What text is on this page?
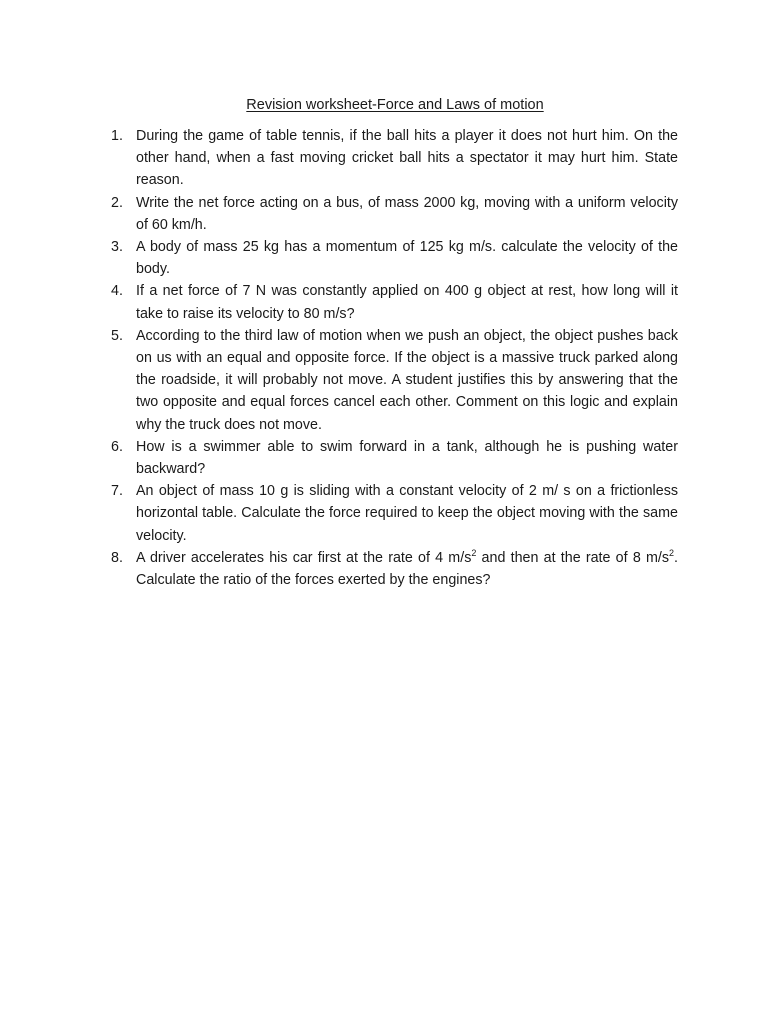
Revision worksheet-Force and Laws of motion
1. During the game of table tennis, if the ball hits a player it does not hurt him. On the other hand, when a fast moving cricket ball hits a spectator it may hurt him. State reason.
2. Write the net force acting on a bus, of mass 2000 kg, moving with a uniform velocity of 60 km/h.
3. A body of mass 25 kg has a momentum of 125 kg m/s. calculate the velocity of the body.
4. If a net force of 7 N was constantly applied on 400 g object at rest, how long will it take to raise its velocity to 80 m/s?
5. According to the third law of motion when we push an object, the object pushes back on us with an equal and opposite force. If the object is a massive truck parked along the roadside, it will probably not move. A student justifies this by answering that the two opposite and equal forces cancel each other. Comment on this logic and explain why the truck does not move.
6. How is a swimmer able to swim forward in a tank, although he is pushing water backward?
7. An object of mass 10 g is sliding with a constant velocity of 2 m/ s on a frictionless horizontal table. Calculate the force required to keep the object moving with the same velocity.
8. A driver accelerates his car first at the rate of 4 $m/s^2$ and then at the rate of 8 $m/s^2$. Calculate the ratio of the forces exerted by the engines?
